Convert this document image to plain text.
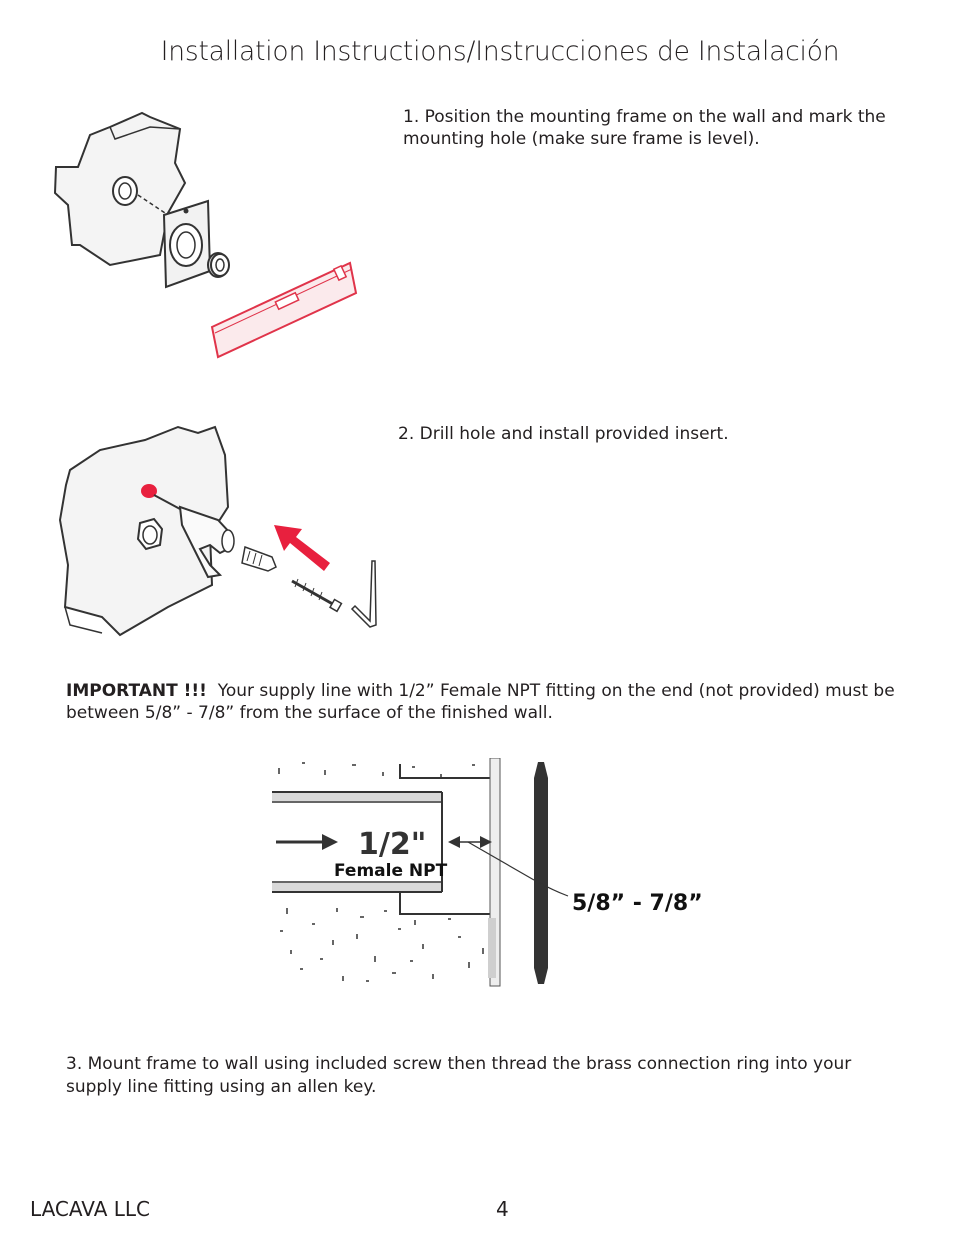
Installation Instructions/Instrucciones de Instalación
1. Position the mounting frame on the wall and mark the mounting hole (make sure frame is level).
2. Drill hole and install provided insert.
IMPORTANT !!! Your supply line with 1/2” Female NPT fitting on the end (not provided) must be between 5/8” - 7/8” from the surface of the finished wall.
1/2"
Female NPT
5/8” - 7/8”
3. Mount frame to wall using included screw then thread the brass connection ring into your supply line fitting using an allen key.
LACAVA LLC	4
